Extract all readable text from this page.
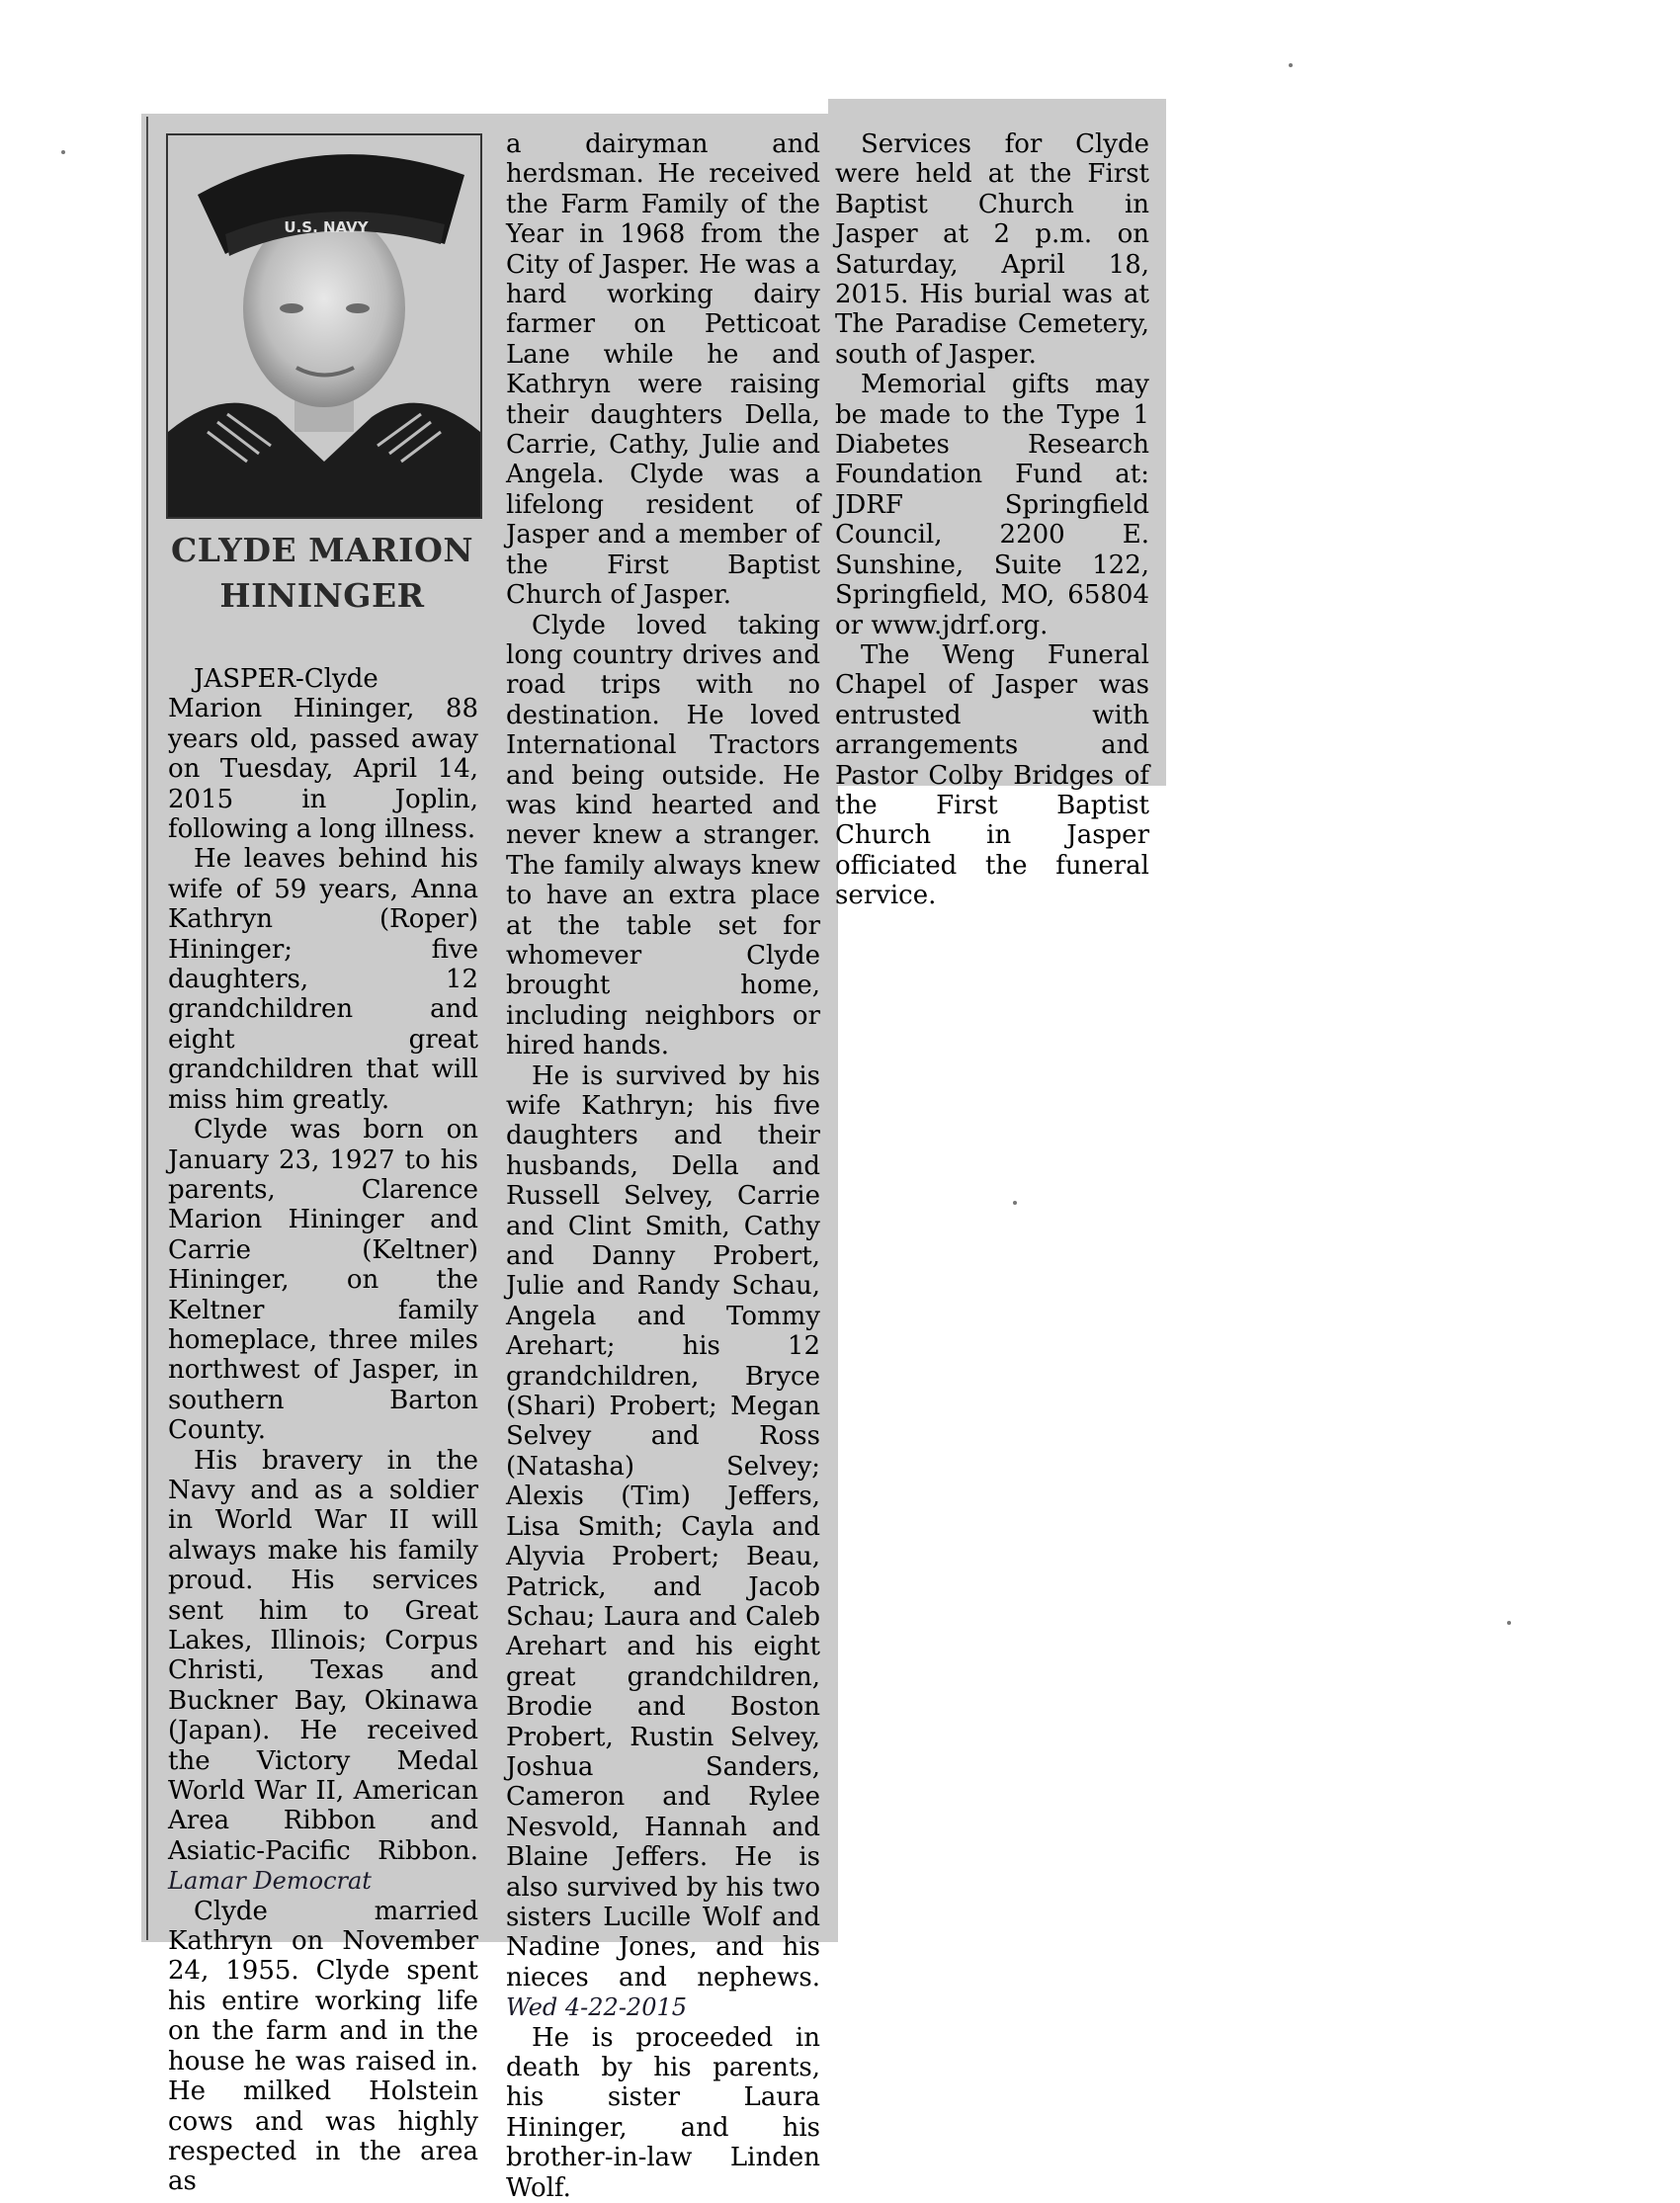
U.S. NAVY
CLYDE MARION
HININGER

JASPER-Clyde Marion Hininger, 88 years old, passed away on Tuesday, April 14, 2015 in Joplin, following a long illness.

He leaves behind his wife of 59 years, Anna Kathryn (Roper) Hininger; five daughters, 12 grandchildren and eight great grandchildren that will miss him greatly.

Clyde was born on January 23, 1927 to his parents, Clarence Marion Hininger and Carrie (Keltner) Hininger, on the Keltner family homeplace, three miles northwest of Jasper, in southern Barton County.

His bravery in the Navy and as a soldier in World War II will always make his family proud. His services sent him to Great Lakes, Illinois; Corpus Christi, Texas and Buckner Bay, Okinawa (Japan). He received the Victory Medal World War II, American Area Ribbon and Asiatic-Pacific Ribbon. Lamar Democrat

Clyde married Kathryn on November 24, 1955. Clyde spent his entire working life on the farm and in the house he was raised in. He milked Holstein cows and was highly respected in the area as

a dairyman and herdsman. He received the Farm Family of the Year in 1968 from the City of Jasper. He was a hard working dairy farmer on Petticoat Lane while he and Kathryn were raising their daughters Della, Carrie, Cathy, Julie and Angela. Clyde was a lifelong resident of Jasper and a member of the First Baptist Church of Jasper.

Clyde loved taking long country drives and road trips with no destination. He loved International Tractors and being outside. He was kind hearted and never knew a stranger. The family always knew to have an extra place at the table set for whomever Clyde brought home, including neighbors or hired hands.

He is survived by his wife Kathryn; his five daughters and their husbands, Della and Russell Selvey, Carrie and Clint Smith, Cathy and Danny Probert, Julie and Randy Schau, Angela and Tommy Arehart; his 12 grandchildren, Bryce (Shari) Probert; Megan Selvey and Ross (Natasha) Selvey; Alexis (Tim) Jeffers, Lisa Smith; Cayla and Alyvia Probert; Beau, Patrick, and Jacob Schau; Laura and Caleb Arehart and his eight great grandchildren, Brodie and Boston Probert, Rustin Selvey, Joshua Sanders, Cameron and Rylee Nesvold, Hannah and Blaine Jeffers. He is also survived by his two sisters Lucille Wolf and Nadine Jones, and his nieces and nephews. Wed 4-22-2015

He is proceeded in death by his parents, his sister Laura Hininger, and his brother-in-law Linden Wolf.

Services for Clyde were held at the First Baptist Church in Jasper at 2 p.m. on Saturday, April 18, 2015. His burial was at The Paradise Cemetery, south of Jasper.

Memorial gifts may be made to the Type 1 Diabetes Research Foundation Fund at: JDRF Springfield Council, 2200 E. Sunshine, Suite 122, Springfield, MO, 65804 or www.jdrf.org.

The Weng Funeral Chapel of Jasper was entrusted with arrangements and Pastor Colby Bridges of the First Baptist Church in Jasper officiated the funeral service.
